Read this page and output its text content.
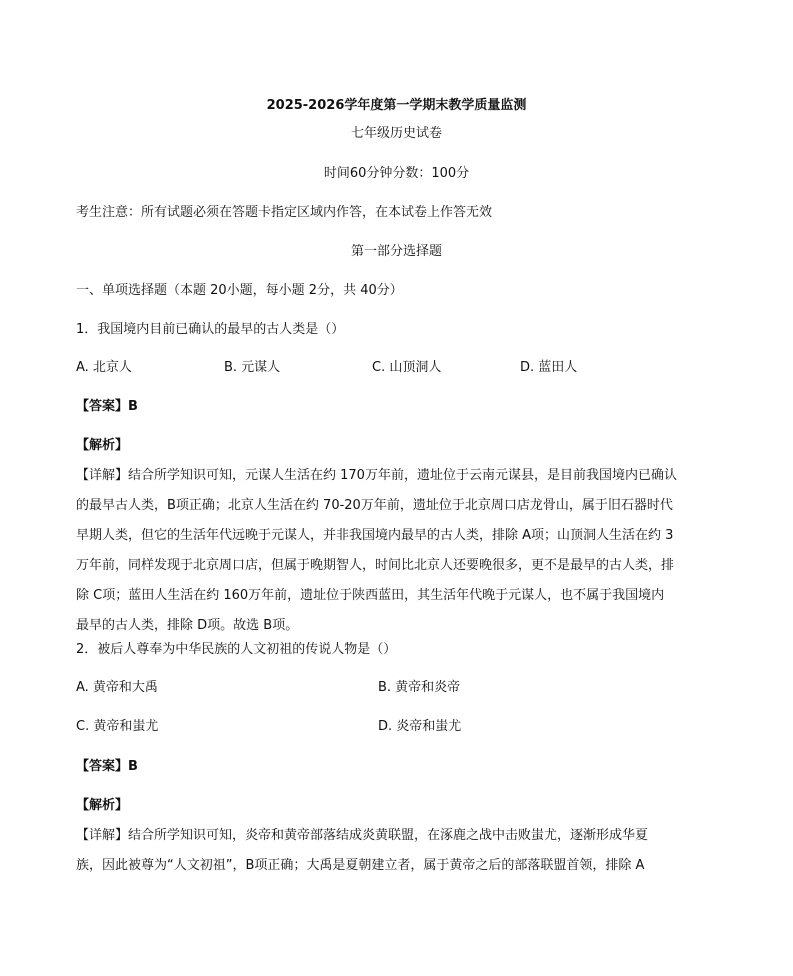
2025-2026学年度第一学期末教学质量监测
七年级历史试卷
时间60分钟分数：100分
考生注意：所有试题必须在答题卡指定区域内作答，在本试卷上作答无效
第一部分选择题
一、单项选择题（本题 20小题，每小题 2分，共 40分）
1．我国境内目前已确认的最早的古人类是（）
A. 北京人	B. 元谋人	C. 山顶洞人	D. 蓝田人
【答案】B
【解析】

【详解】结合所学知识可知，元谋人生活在约 170万年前，遗址位于云南元谋县，是目前我国境内已确认

的最早古人类，B项正确；北京人生活在约 70-20万年前，遗址位于北京周口店龙骨山，属于旧石器时代

早期人类，但它的生活年代远晚于元谋人，并非我国境内最早的古人类，排除 A项；山顶洞人生活在约 3

万年前，同样发现于北京周口店，但属于晚期智人，时间比北京人还要晚很多，更不是最早的古人类，排

除 C项；蓝田人生活在约 160万年前，遗址位于陕西蓝田，其生活年代晚于元谋人，也不属于我国境内

最早的古人类，排除 D项。故选 B项。

2．被后人尊奉为中华民族的人文初祖的传说人物是（）
A. 黄帝和大禹	B. 黄帝和炎帝
C. 黄帝和蚩尤	D. 炎帝和蚩尤
【答案】B
【解析】

【详解】结合所学知识可知，炎帝和黄帝部落结成炎黄联盟，在涿鹿之战中击败蚩尤，逐渐形成华夏

族，因此被尊为“人文初祖”，B项正确；大禹是夏朝建立者，属于黄帝之后的部落联盟首领，排除 A
